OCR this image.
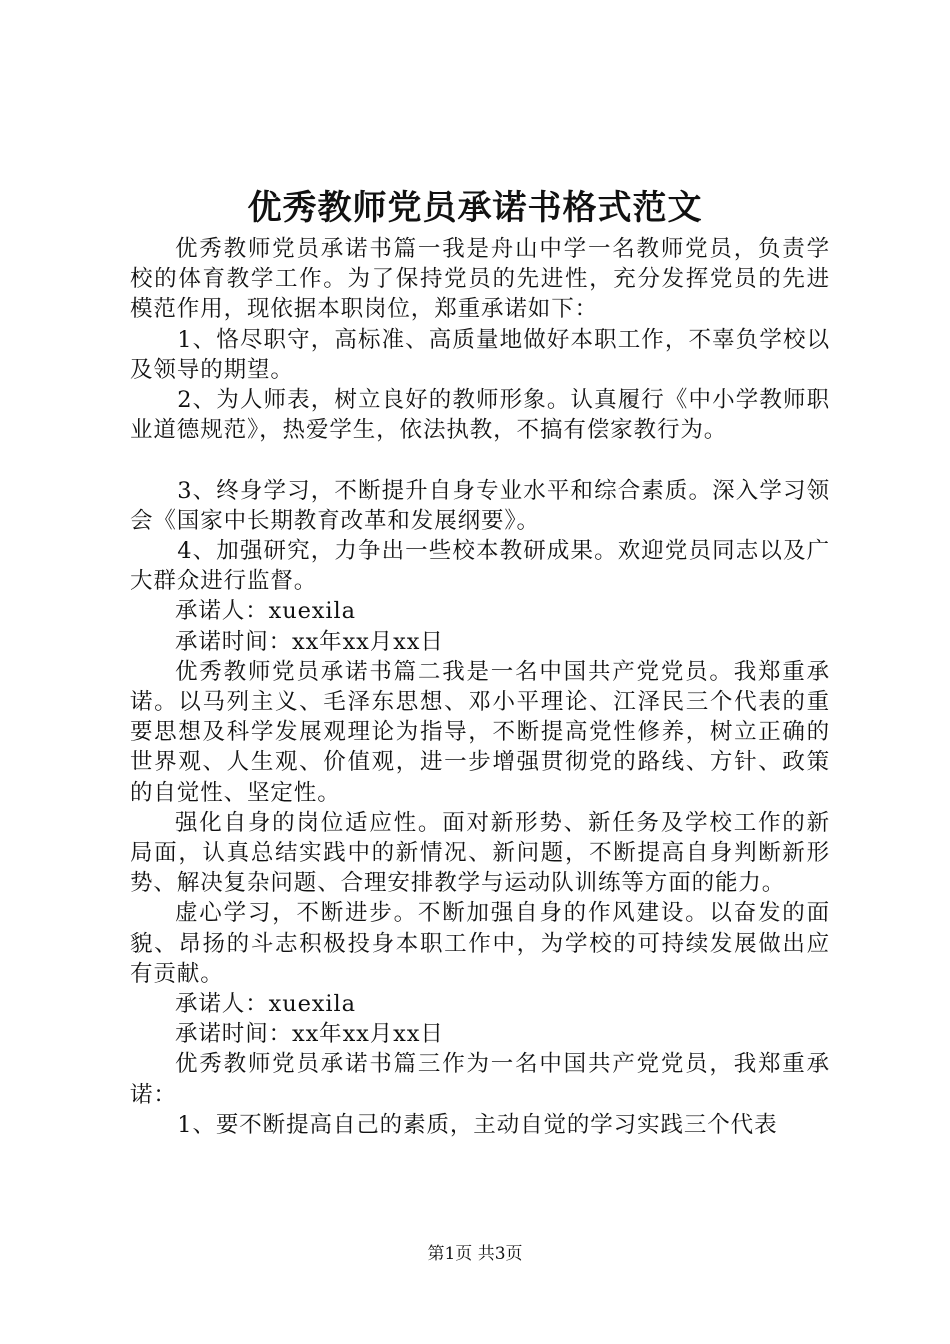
优秀教师党员承诺书格式范文

优秀教师党员承诺书篇一我是舟山中学一名教师党员，负责学校的体育教学工作。为了保持党员的先进性，充分发挥党员的先进模范作用，现依据本职岗位，郑重承诺如下：

1、恪尽职守，高标准、高质量地做好本职工作，不辜负学校以及领导的期望。

2、为人师表，树立良好的教师形象。认真履行《中小学教师职业道德规范》，热爱学生，依法执教，不搞有偿家教行为。

3、终身学习，不断提升自身专业水平和综合素质。深入学习领会《国家中长期教育改革和发展纲要》。

4、加强研究，力争出一些校本教研成果。欢迎党员同志以及广大群众进行监督。

承诺人：xuexila

承诺时间：xx年xx月xx日

优秀教师党员承诺书篇二我是一名中国共产党党员。我郑重承诺。以马列主义、毛泽东思想、邓小平理论、江泽民三个代表的重要思想及科学发展观理论为指导，不断提高党性修养，树立正确的世界观、人生观、价值观，进一步增强贯彻党的路线、方针、政策的自觉性、坚定性。

强化自身的岗位适应性。面对新形势、新任务及学校工作的新局面，认真总结实践中的新情况、新问题，不断提高自身判断新形势、解决复杂问题、合理安排教学与运动队训练等方面的能力。

虚心学习，不断进步。不断加强自身的作风建设。以奋发的面貌、昂扬的斗志积极投身本职工作中，为学校的可持续发展做出应有贡献。

承诺人：xuexila

承诺时间：xx年xx月xx日

优秀教师党员承诺书篇三作为一名中国共产党党员，我郑重承诺：

1、要不断提高自己的素质，主动自觉的学习实践三个代表

第1页 共3页
